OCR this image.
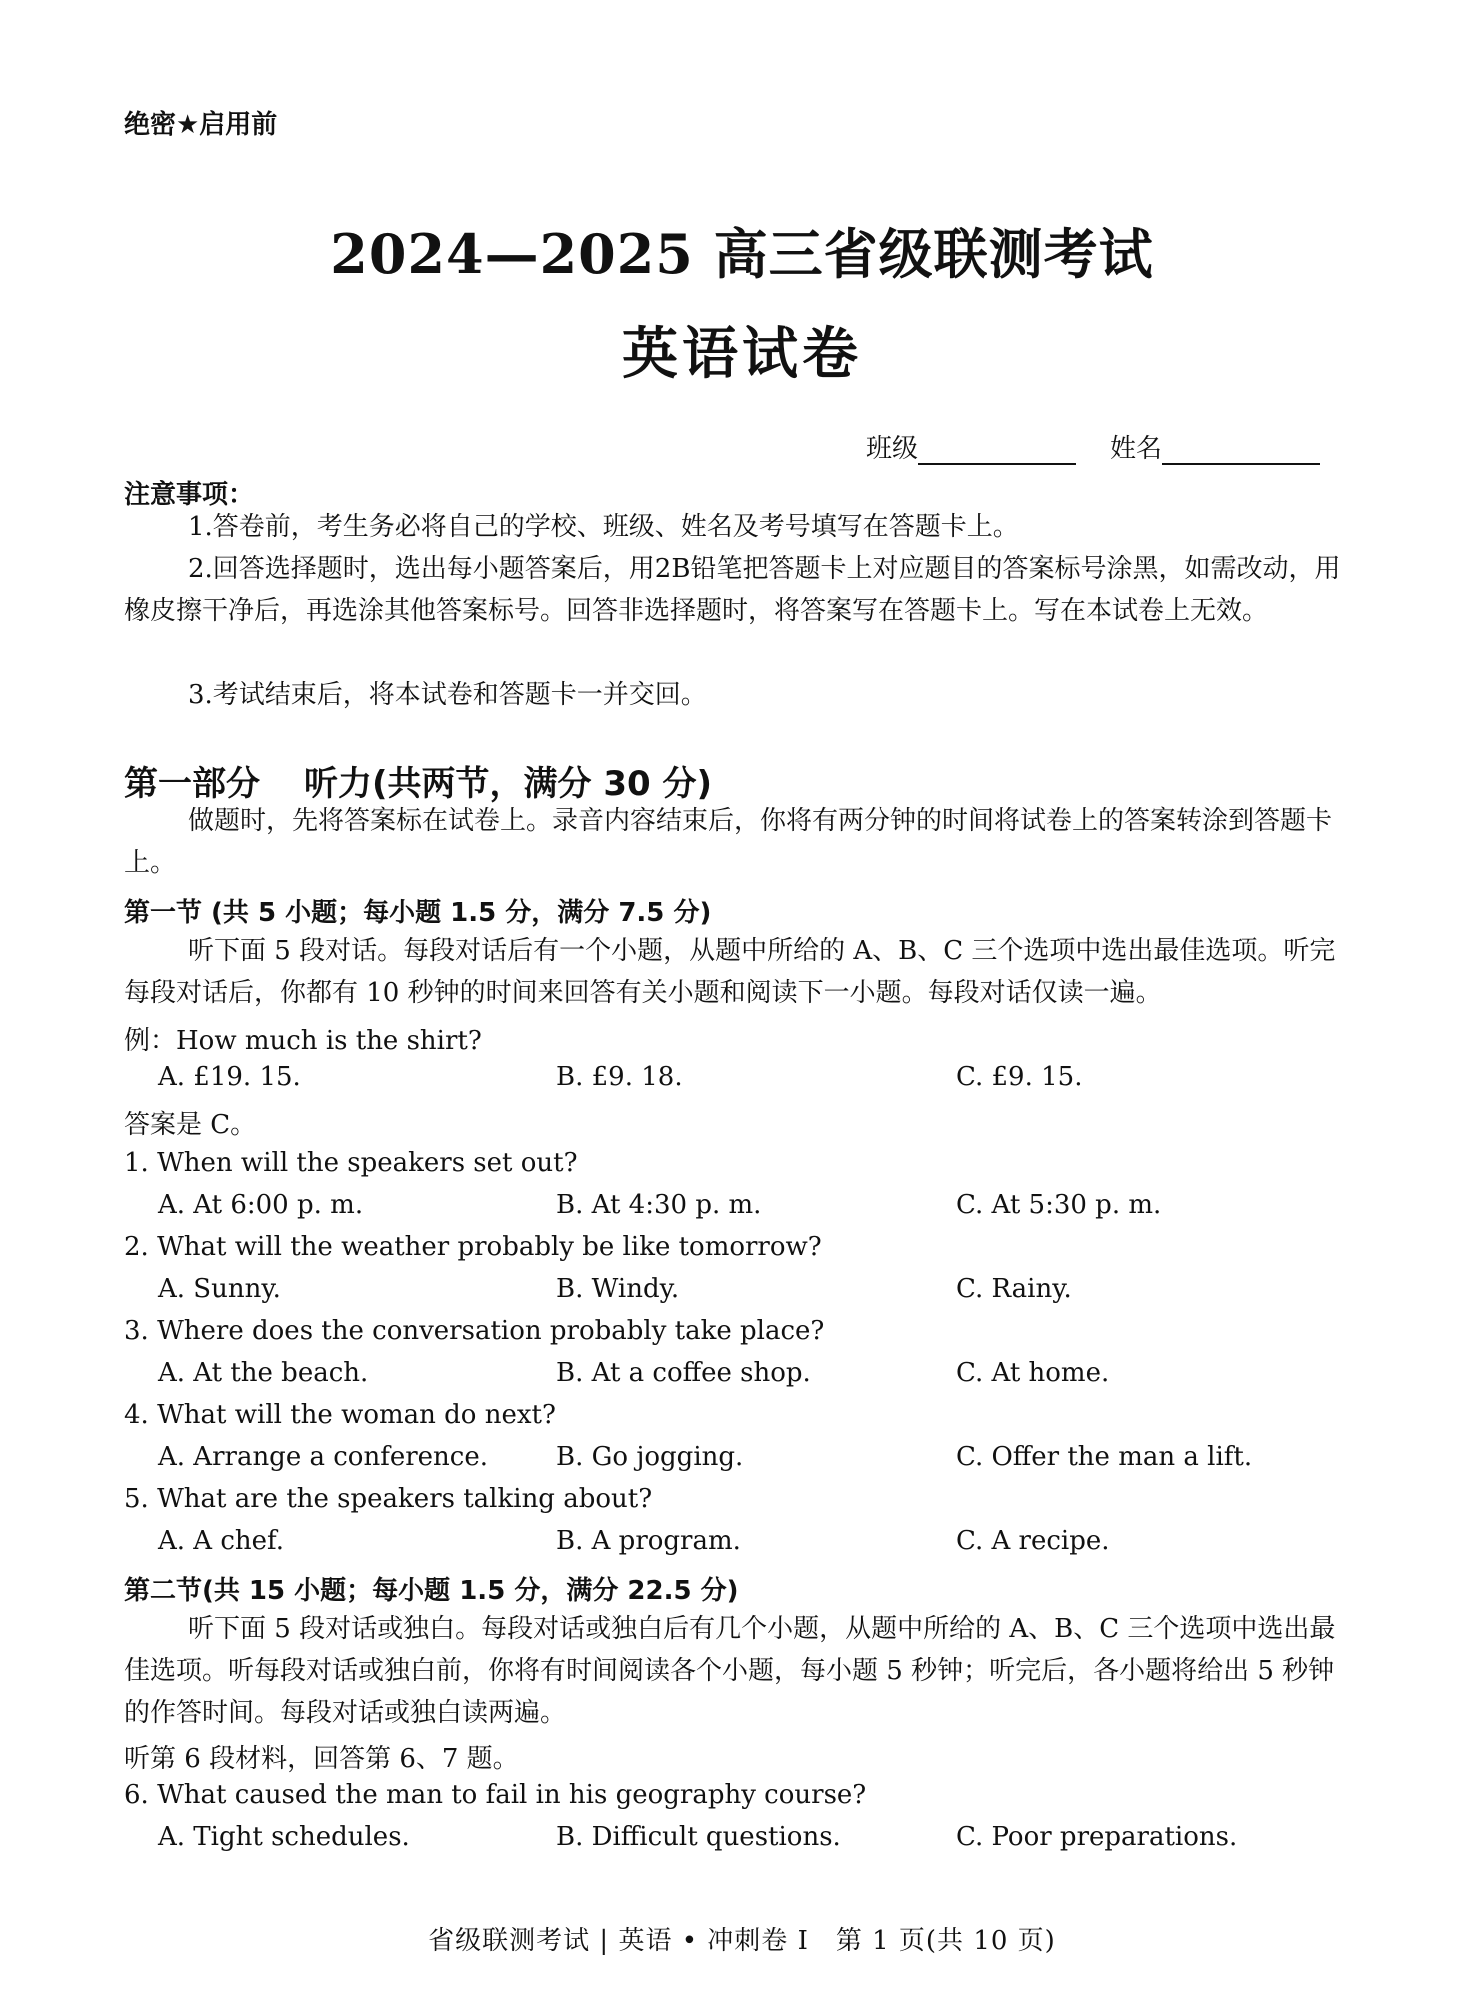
绝密★启用前
2024—2025 高三省级联测考试
英语试卷
班级	姓名
注意事项：
1.答卷前，考生务必将自己的学校、班级、姓名及考号填写在答题卡上。
2.回答选择题时，选出每小题答案后，用2B铅笔把答题卡上对应题目的答案标号涂黑，如需改动，用橡皮擦干净后，再选涂其他答案标号。回答非选择题时，将答案写在答题卡上。写在本试卷上无效。
3.考试结束后，将本试卷和答题卡一并交回。
第一部分 听力(共两节，满分 30 分)
做题时，先将答案标在试卷上。录音内容结束后，你将有两分钟的时间将试卷上的答案转涂到答题卡上。
第一节 (共 5 小题；每小题 1.5 分，满分 7.5 分)
听下面 5 段对话。每段对话后有一个小题，从题中所给的 A、B、C 三个选项中选出最佳选项。听完每段对话后，你都有 10 秒钟的时间来回答有关小题和阅读下一小题。每段对话仅读一遍。
例：How much is the shirt?
A. £19. 15.	B. £9. 18.	C. £9. 15.
答案是 C。
1. When will the speakers set out?
A. At 6:00 p. m.	B. At 4:30 p. m.	C. At 5:30 p. m.
2. What will the weather probably be like tomorrow?
A. Sunny.	B. Windy.	C. Rainy.
3. Where does the conversation probably take place?
A. At the beach.	B. At a coffee shop.	C. At home.
4. What will the woman do next?
A. Arrange a conference.	B. Go jogging.	C. Offer the man a lift.
5. What are the speakers talking about?
A. A chef.	B. A program.	C. A recipe.
第二节(共 15 小题；每小题 1.5 分，满分 22.5 分)
听下面 5 段对话或独白。每段对话或独白后有几个小题，从题中所给的 A、B、C 三个选项中选出最佳选项。听每段对话或独白前，你将有时间阅读各个小题，每小题 5 秒钟；听完后，各小题将给出 5 秒钟的作答时间。每段对话或独白读两遍。
听第 6 段材料，回答第 6、7 题。
6. What caused the man to fail in his geography course?
A. Tight schedules.	B. Difficult questions.	C. Poor preparations.
省级联测考试 | 英语 • 冲刺卷 Ⅰ　第 1 页(共 10 页)
